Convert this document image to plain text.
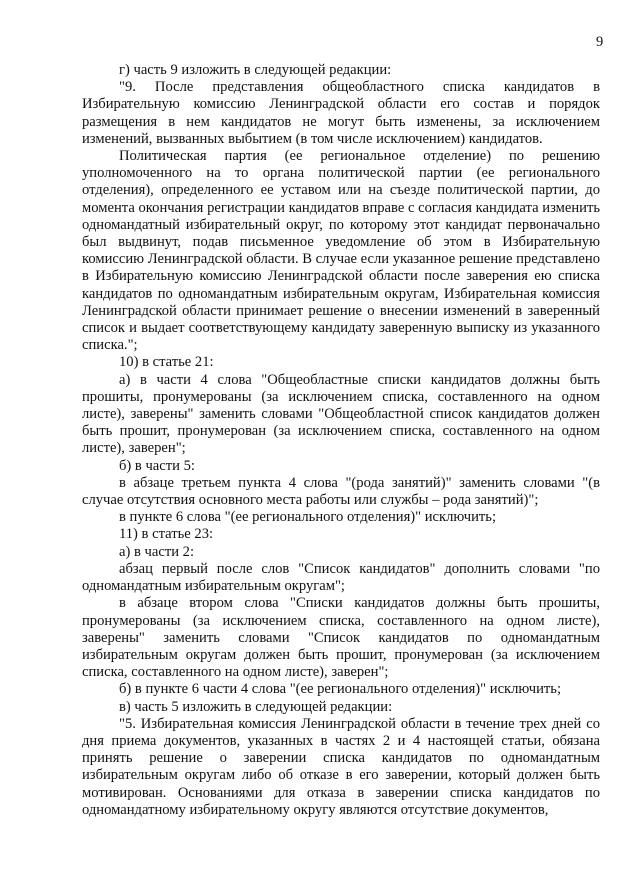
9

г) часть 9 изложить в следующей редакции:

"9. После представления общеобластного списка кандидатов в Избирательную комиссию Ленинградской области его состав и порядок размещения в нем кандидатов не могут быть изменены, за исключением изменений, вызванных выбытием (в том числе исключением) кандидатов.

Политическая партия (ее региональное отделение) по решению уполномоченного на то органа политической партии (ее регионального отделения), определенного ее уставом или на съезде политической партии, до момента окончания регистрации кандидатов вправе с согласия кандидата изменить одномандатный избирательный округ, по которому этот кандидат первоначально был выдвинут, подав письменное уведомление об этом в Избирательную комиссию Ленинградской области. В случае если указанное решение представлено в Избирательную комиссию Ленинградской области после заверения ею списка кандидатов по одномандатным избирательным округам, Избирательная комиссия Ленинградской области принимает решение о внесении изменений в заверенный список и выдает соответствующему кандидату заверенную выписку из указанного списка.";

10) в статье 21:

а) в части 4 слова "Общеобластные списки кандидатов должны быть прошиты, пронумерованы (за исключением списка, составленного на одном листе), заверены" заменить словами "Общеобластной список кандидатов должен быть прошит, пронумерован (за исключением списка, составленного на одном листе), заверен";

б) в части 5:

в абзаце третьем пункта 4 слова "(рода занятий)" заменить словами "(в случае отсутствия основного места работы или службы – рода занятий)";

в пункте 6 слова "(ее регионального отделения)" исключить;

11) в статье 23:

а) в части 2:

абзац первый после слов "Список кандидатов" дополнить словами "по одномандатным избирательным округам";

в абзаце втором слова "Списки кандидатов должны быть прошиты, пронумерованы (за исключением списка, составленного на одном листе), заверены" заменить словами "Список кандидатов по одномандатным избирательным округам должен быть прошит, пронумерован (за исключением списка, составленного на одном листе), заверен";

б) в пункте 6 части 4 слова "(ее регионального отделения)" исключить;

в) часть 5 изложить в следующей редакции:

"5. Избирательная комиссия Ленинградской области в течение трех дней со дня приема документов, указанных в частях 2 и 4 настоящей статьи, обязана принять решение о заверении списка кандидатов по одномандатным избирательным округам либо об отказе в его заверении, который должен быть мотивирован. Основаниями для отказа в заверении списка кандидатов по одномандатному избирательному округу являются отсутствие документов,
